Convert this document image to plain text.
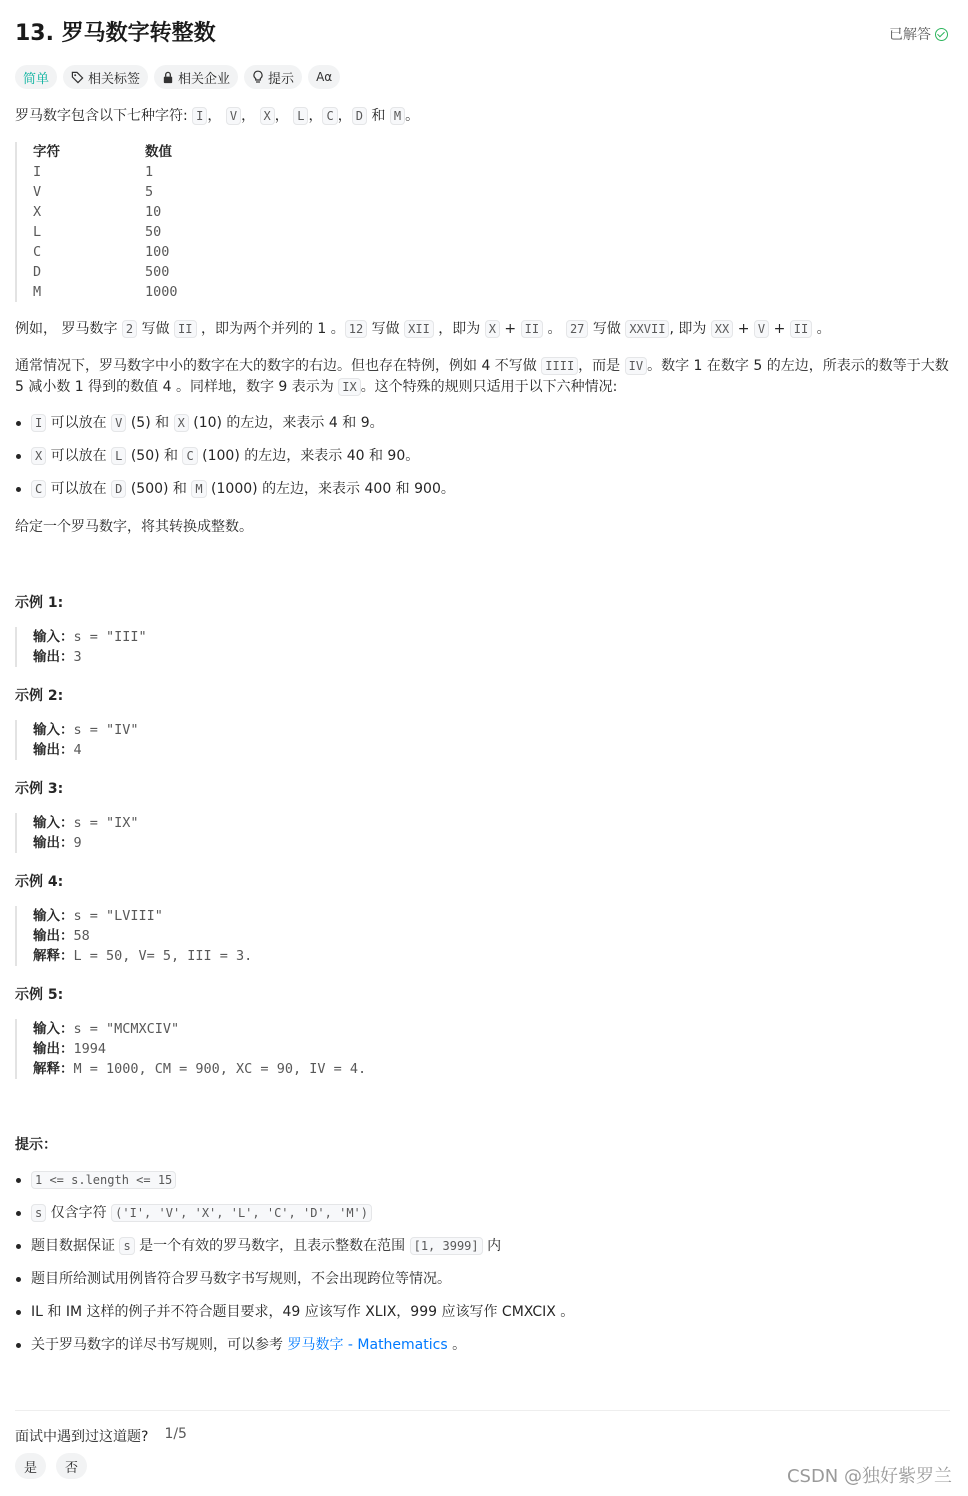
13. 罗马数字转整数	已解答
简单	相关标签	相关企业	提示 Aα
罗马数字包含以下七种字符: I ， V ， X ， L ， C ， D 和 M 。
字符	数值
I	1
V	5
X	10
L	50
C	100
D	500
M	1000
例如， 罗马数字 2 写做 II ，即为两个并列的 1 。 12 写做 XII ，即为 X + II 。 27 写做 XXVII , 即为 XX + V + II 。
通常情况下，罗马数字中小的数字在大的数字的右边。但也存在特例，例如 4 不写做 IIII ，而是 IV 。数字 1 在数字 5 的左边，所表示的数等于大数 5 减小数 1 得到的数值 4 。同样地，数字 9 表示为 IX 。这个特殊的规则只适用于以下六种情况:
I 可以放在 V (5) 和 X (10) 的左边，来表示 4 和 9。
X 可以放在 L (50) 和 C (100) 的左边，来表示 40 和 90。
C 可以放在 D (500) 和 M (1000) 的左边，来表示 400 和 900。
给定一个罗马数字，将其转换成整数。
示例 1:
输入：s = "III"
输出：3
示例 2:
输入：s = "IV"
输出：4
示例 3:
输入：s = "IX"
输出：9
示例 4:
输入：s = "LVIII"
输出：58
解释：L = 50, V= 5, III = 3.
示例 5:
输入：s = "MCMXCIV"
输出：1994
解释：M = 1000, CM = 900, XC = 90, IV = 4.
提示：
1 <= s.length <= 15
s 仅含字符 ('I', 'V', 'X', 'L', 'C', 'D', 'M')
题目数据保证 s 是一个有效的罗马数字，且表示整数在范围 [1, 3999] 内
题目所给测试用例皆符合罗马数字书写规则，不会出现跨位等情况。
IL 和 IM 这样的例子并不符合题目要求，49 应该写作 XLIX，999 应该写作 CMXCIX 。
关于罗马数字的详尽书写规则，可以参考 罗马数字 - Mathematics 。
面试中遇到过这道题? 1/5
是	否	CSDN @独好紫罗兰
